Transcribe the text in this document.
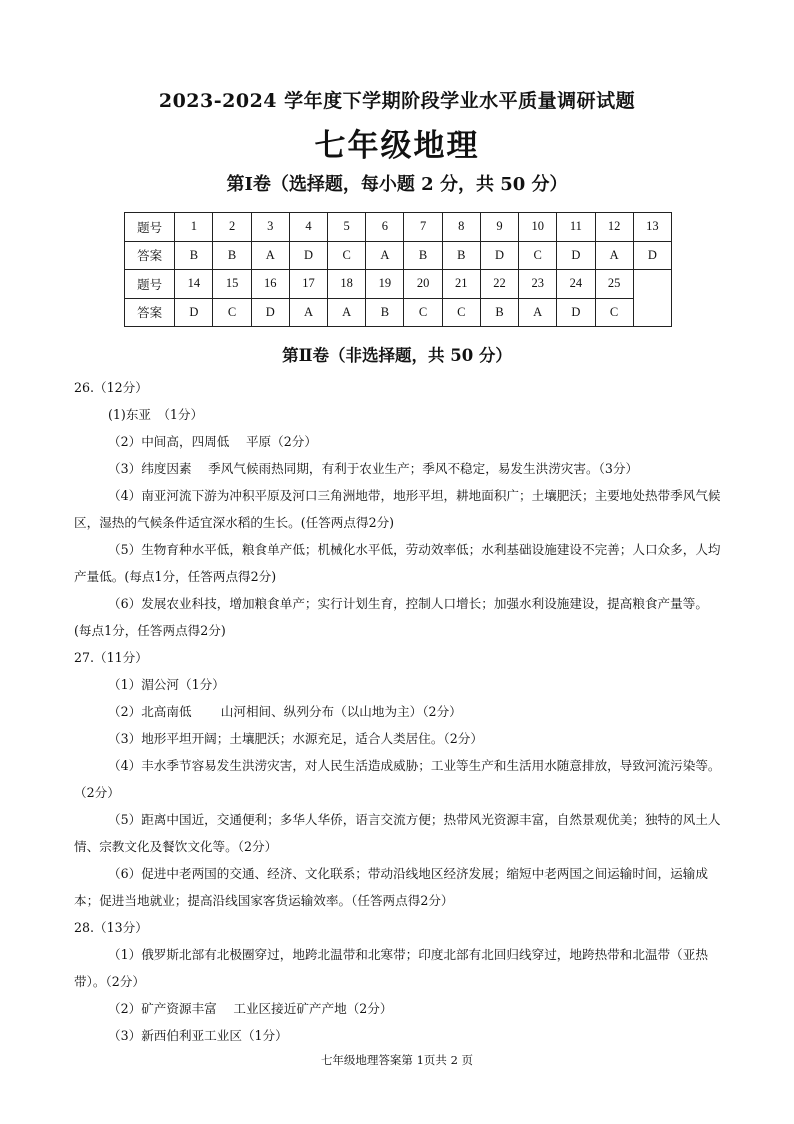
2023-2024 学年度下学期阶段学业水平质量调研试题
七年级地理
第Ⅰ卷（选择题，每小题 2 分，共 50 分）
题号	1	2	3	4	5	6	7	8	9	10	11	12	13
答案	B	B	A	D	C	A	B	B	D	C	D	A	D
题号	14	15	16	17	18	19	20	21	22	23	24	25	
答案	D	C	D	A	A	B	C	C	B	A	D	C	
第Ⅱ卷（非选择题，共 50 分）
26.（12分）
(1)东亚　（1分）
（2）中间高，四周低　 平原（2分）
（3）纬度因素　 季风气候雨热同期，有利于农业生产；季风不稳定，易发生洪涝灾害。（3分）
（4）南亚河流下游为冲积平原及河口三角洲地带，地形平坦，耕地面积广；土壤肥沃；主要地处热带季风气候区，湿热的气候条件适宜深水稻的生长。(任答两点得2分)
（5）生物育种水平低，粮食单产低；机械化水平低，劳动效率低；水利基础设施建设不完善；人口众多，人均产量低。(每点1分，任答两点得2分)
（6）发展农业科技，增加粮食单产；实行计划生育，控制人口增长；加强水利设施建设，提高粮食产量等。(每点1分，任答两点得2分)
27.（11分）
（1）湄公河（1分）
（2）北高南低　　 山河相间、纵列分布（以山地为主）（2分）
（3）地形平坦开阔；土壤肥沃；水源充足，适合人类居住。（2分）
（4）丰水季节容易发生洪涝灾害，对人民生活造成威胁；工业等生产和生活用水随意排放，导致河流污染等。（2分）
（5）距离中国近，交通便利；多华人华侨，语言交流方便；热带风光资源丰富，自然景观优美；独特的风土人情、宗教文化及餐饮文化等。（2分）
（6）促进中老两国的交通、经济、文化联系；带动沿线地区经济发展；缩短中老两国之间运输时间，运输成本；促进当地就业；提高沿线国家客货运输效率。（任答两点得2分）
28.（13分）
（1）俄罗斯北部有北极圈穿过，地跨北温带和北寒带；印度北部有北回归线穿过，地跨热带和北温带（亚热带）。（2分）
（2）矿产资源丰富　 工业区接近矿产产地（2分）
（3）新西伯利亚工业区（1分）
七年级地理答案第 1页共 2 页
